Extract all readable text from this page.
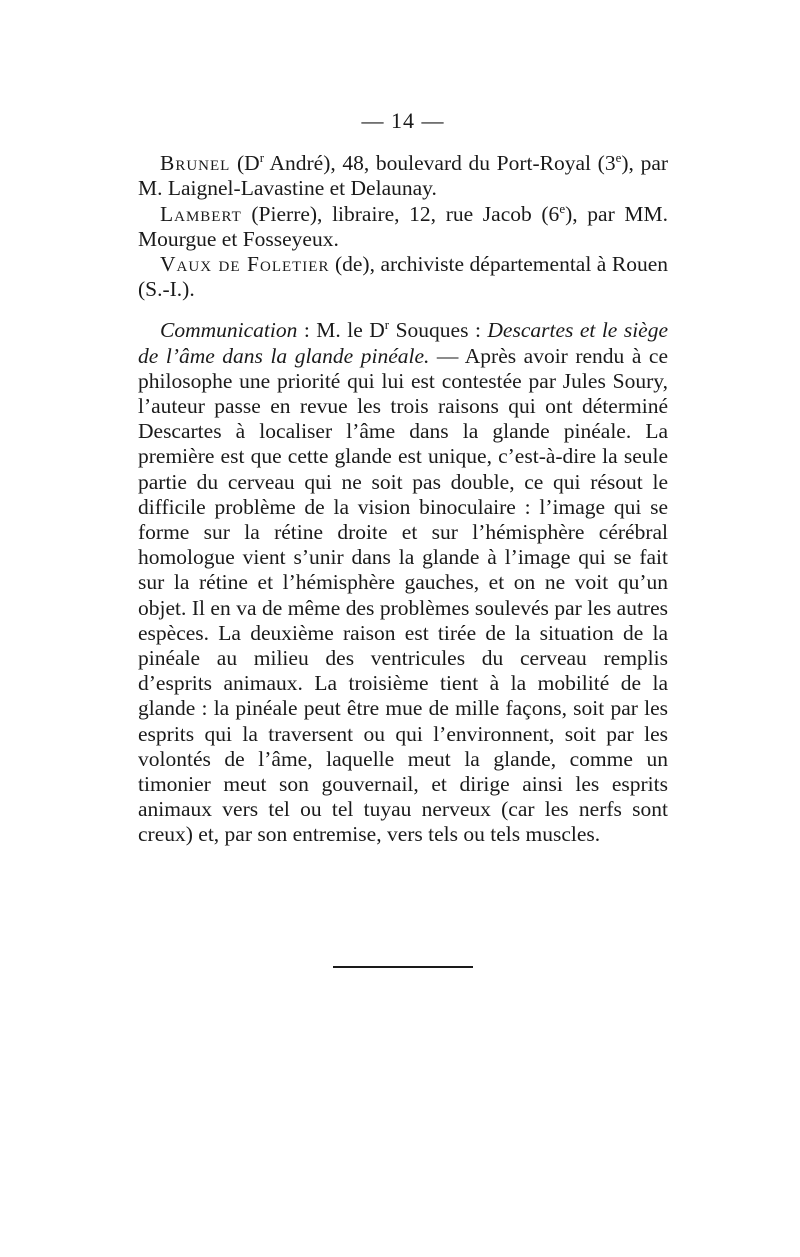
— 14 —

Brunel ($D^r$ André), 48, boulevard du Port-Royal (3e), par M. Laignel-Lavastine et Delaunay.

Lambert (Pierre), libraire, 12, rue Jacob (6e), par MM. Mourgue et Fosseyeux.

Vaux de Foletier (de), archiviste départemental à Rouen (S.-I.).

Communication : M. le $D^r$ Souques : Descartes et le siège de l’âme dans la glande pinéale. — Après avoir rendu à ce philosophe une priorité qui lui est contestée par Jules Soury, l’auteur passe en revue les trois raisons qui ont déterminé Descartes à localiser l’âme dans la glande pinéale. La première est que cette glande est unique, c’est-à-dire la seule partie du cerveau qui ne soit pas double, ce qui résout le difficile problème de la vision binoculaire : l’image qui se forme sur la rétine droite et sur l’hémisphère cérébral homologue vient s’unir dans la glande à l’image qui se fait sur la rétine et l’hémisphère gauches, et on ne voit qu’un objet. Il en va de même des problèmes soulevés par les autres espèces. La deuxième raison est tirée de la situation de la pinéale au milieu des ventricules du cerveau remplis d’esprits animaux. La troisième tient à la mobilité de la glande : la pinéale peut être mue de mille façons, soit par les esprits qui la traversent ou qui l’environnent, soit par les volontés de l’âme, laquelle meut la glande, comme un timonier meut son gouvernail, et dirige ainsi les esprits animaux vers tel ou tel tuyau nerveux (car les nerfs sont creux) et, par son entremise, vers tels ou tels muscles.
